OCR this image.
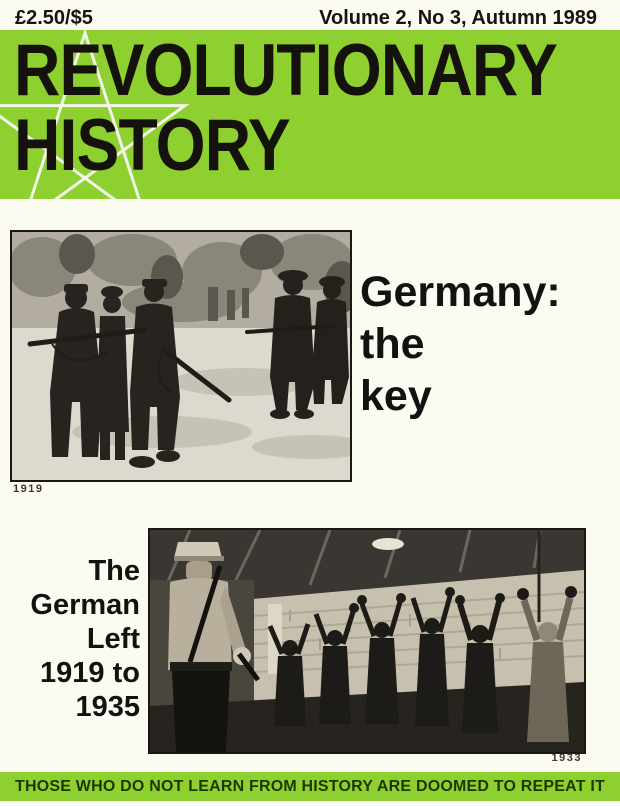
£2.50/$5	Volume 2, No 3, Autumn 1989
REVOLUTIONARY
HISTORY
1919
Germany:
the
key
The
German
Left
1919 to
1935
1933
THOSE WHO DO NOT LEARN FROM HISTORY ARE DOOMED TO REPEAT IT
